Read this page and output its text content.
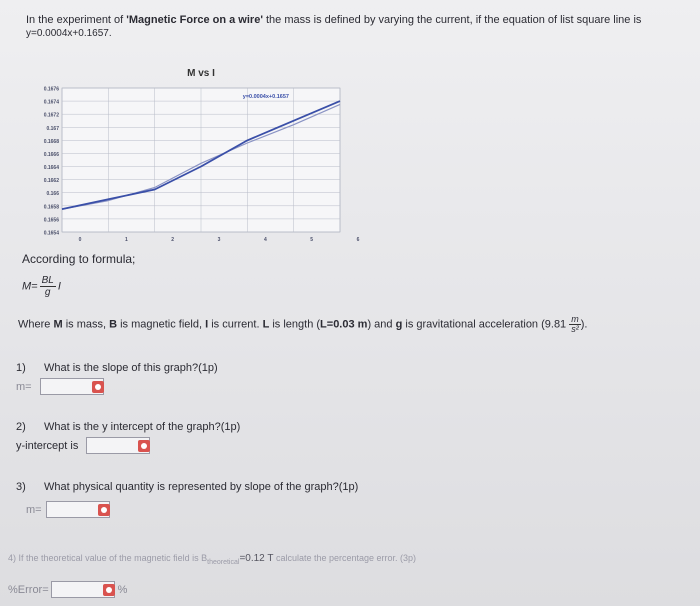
In the experiment of 'Magnetic Force on a wire' the mass is defined by varying the current, if the equation of list square line is
y=0.0004x+0.1657.
M vs I
0.1676
0.1674
0.1672
0.167
0.1668
0.1666
0.1664
0.1662
0.166
0.1658
0.1656
0.1654
0	1	2	3	4	5	6
y=0.0004x+0.1657
According to formula;
$M= \frac{BL}{g}$ I
Where M is mass, B is magnetic field, I is current. L is length (L=0.03 m) and g is gravitational acceleration ($9.81 \frac{m}{\text{s²}}$ ).
1) What is the slope of this graph?(1p)
m=
2) What is the y intercept of the graph?(1p)
y-intercept is
3) What physical quantity is represented by slope of the graph?(1p)
m=
4) If the theoretical value of the magnetic field is $B_{theoretical}=0.12$ T calculate the percentage error. (3p)
%Error=	%
